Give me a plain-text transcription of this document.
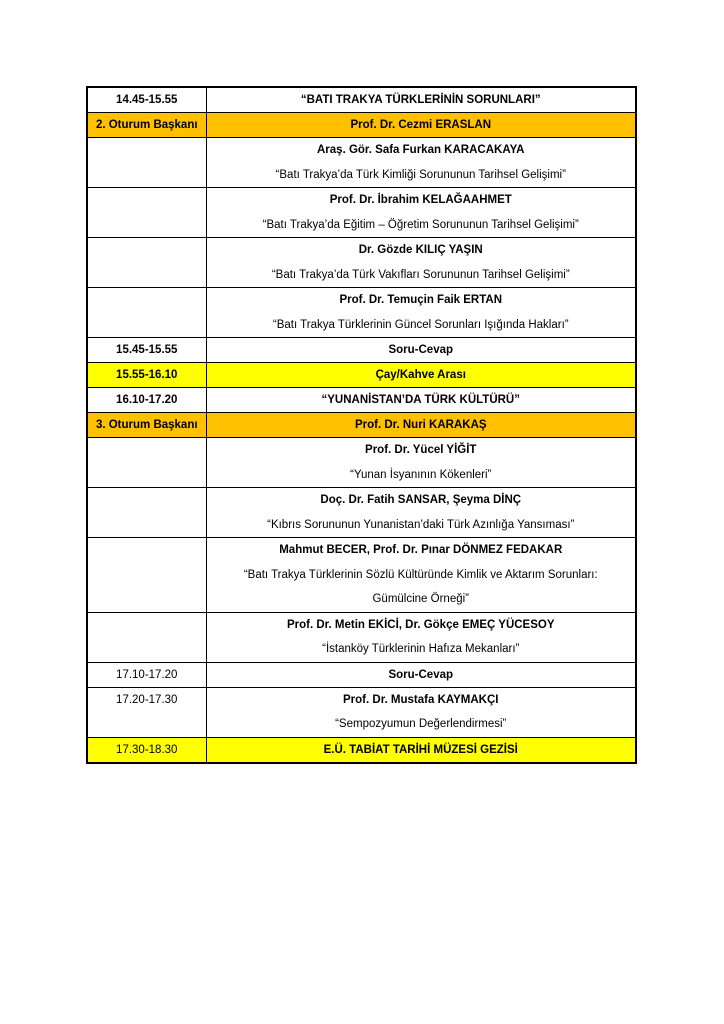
14.45-15.55	“BATI TRAKYA TÜRKLERİNİN SORUNLARI”
2. Oturum Başkanı	Prof. Dr. Cezmi ERASLAN

	Araş. Gör. Safa Furkan KARACAKAYA
“Batı Trakya’da Türk Kimliği Sorununun Tarihsel Gelişimi”

	Prof. Dr. İbrahim KELAĞAAHMET
“Batı Trakya’da Eğitim – Öğretim Sorununun Tarihsel Gelişimi”

	Dr. Gözde KILIÇ YAŞIN
“Batı Trakya’da Türk Vakıfları Sorununun Tarihsel Gelişimi”

	Prof. Dr. Temuçin Faik ERTAN
“Batı Trakya Türklerinin Güncel Sorunları Işığında Hakları”

15.45-15.55	Soru-Cevap
15.55-16.10	Çay/Kahve Arası
16.10-17.20	“YUNANİSTAN’DA TÜRK KÜLTÜRÜ”
3. Oturum Başkanı	Prof. Dr. Nuri KARAKAŞ

	Prof. Dr. Yücel YİĞİT
“Yunan İsyanının Kökenleri”

	Doç. Dr. Fatih SANSAR, Şeyma DİNÇ
“Kıbrıs Sorununun Yunanistan’daki Türk Azınlığa Yansıması”

	Mahmut BECER, Prof. Dr. Pınar DÖNMEZ FEDAKAR
“Batı Trakya Türklerinin Sözlü Kültüründe Kimlik ve Aktarım Sorunları:
Gümülcine Örneği”

	Prof. Dr. Metin EKİCİ, Dr. Gökçe EMEÇ YÜCESOY
“İstanköy Türklerinin Hafıza Mekanları”

17.10-17.20	Soru-Cevap
17.20-17.30	Prof. Dr. Mustafa KAYMAKÇI
“Sempozyumun Değerlendirmesi”

17.30-18.30	E.Ü. TABİAT TARİHİ MÜZESİ GEZİSİ
